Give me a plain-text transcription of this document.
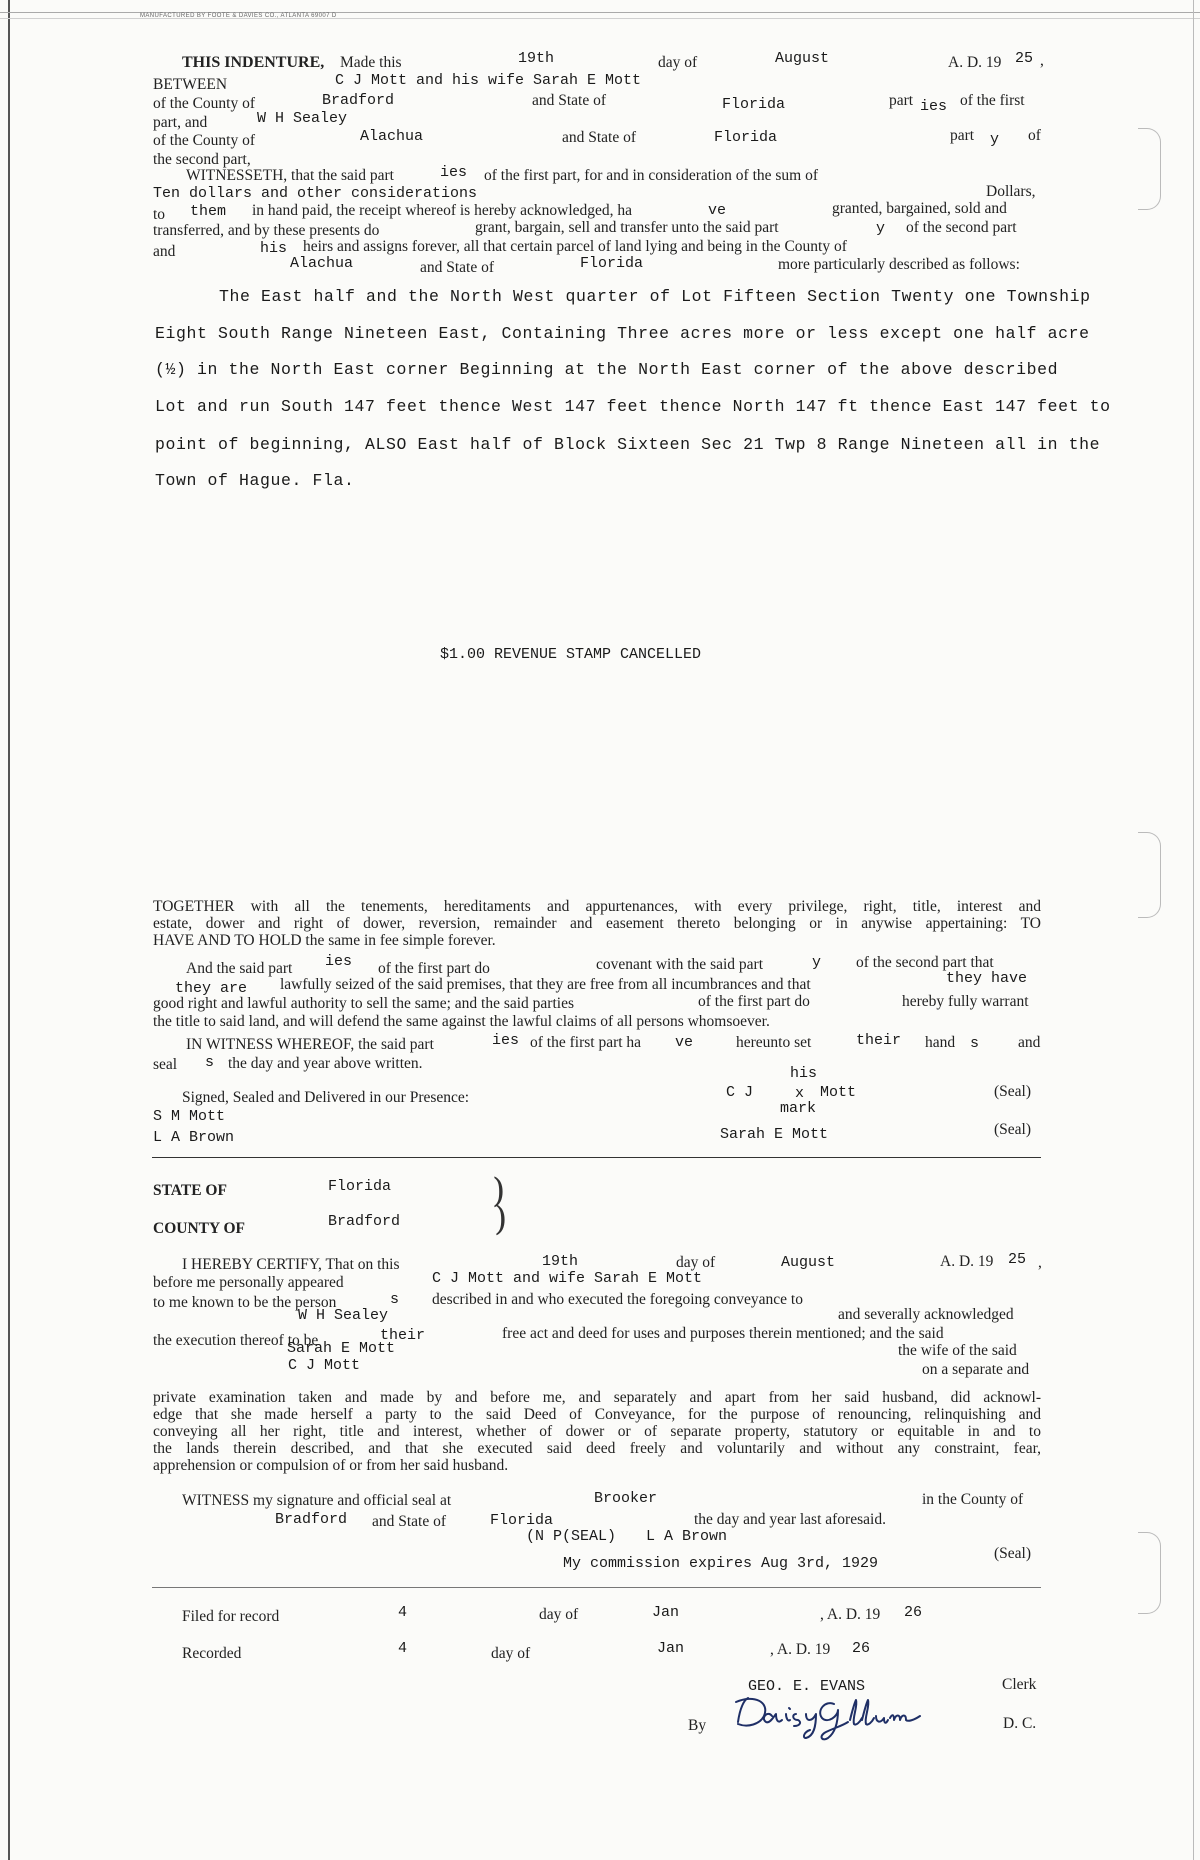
MANUFACTURED BY FOOTE & DAVIES CO., ATLANTA 69007 D
THIS INDENTURE, Made this	19th	day of	August	A. D. 19 25 ,
BETWEEN	C J Mott and his wife Sarah E Mott
of the County of	Bradford	and State of	Florida	part ies of the first
part, and	W H Sealey
of the County of	Alachua	and State of	Florida	part y of
the second part,
WITNESSETH, that the said part	ies of the first part, for and in consideration of the sum of
Ten dollars and other considerations	Dollars,
to them in hand paid, the receipt whereof is hereby acknowledged, ha	ve	granted, bargained, sold and
transferred, and by these presents do	grant, bargain, sell and transfer unto the said part	y of the second part
and	his heirs and assigns forever, all that certain parcel of land lying and being in the County of
Alachua	and State of	Florida	more particularly described as follows:
The East half and the North West quarter of Lot Fifteen Section Twenty one Township
Eight South Range Nineteen East, Containing Three acres more or less except one half acre
(½) in the North East corner Beginning at the North East corner of the above described
Lot and run South 147 feet thence West 147 feet thence North 147 ft thence East 147 feet to
point of beginning, ALSO East half of Block Sixteen Sec 21 Twp 8 Range Nineteen all in the
Town of Hague. Fla.
$1.00 REVENUE STAMP CANCELLED
TOGETHER with all the tenements, hereditaments and appurtenances, with every privilege, right, title, interest and
estate, dower and right of dower, reversion, remainder and easement thereto belonging or in anywise appertaining: TO
HAVE AND TO HOLD the same in fee simple forever.
And the said part ies of the first part do	covenant with the said part	y of the second part that
they are lawfully seized of the said premises, that they are free from all incumbrances and that	they have
good right and lawful authority to sell the same; and the said parties	of the first part do	hereby fully warrant
the title to said land, and will defend the same against the lawful claims of all persons whomsoever.
IN WITNESS WHEREOF, the said part	ies of the first part ha ve	hereunto set	their hand s	and
seal s the day and year above written.
Signed, Sealed and Delivered in our Presence:
S M Mott
L A Brown
his
C J	x Mott
mark
(Seal)
Sarah E Mott	(Seal)
STATE OF	Florida
COUNTY OF	Bradford
)
)
I HEREBY CERTIFY, That on this	19th	day of	August	A. D. 19 25 ,
before me personally appeared	C J Mott and wife Sarah E Mott
to me known to be the person	s described in and who executed the foregoing conveyance to
W H Sealey	and severally acknowledged
the execution thereof to be	their	free act and deed for uses and purposes therein mentioned; and the said
Sarah E Mott	the wife of the said
C J Mott	on a separate and
private examination taken and made by and before me, and separately and apart from her said husband, did acknowl-
edge that she made herself a party to the said Deed of Conveyance, for the purpose of renouncing, relinquishing and
conveying all her right, title and interest, whether of dower or of separate property, statutory or equitable in and to
the lands therein described, and that she executed said deed freely and voluntarily and without any constraint, fear,
apprehension or compulsion of or from her said husband.
WITNESS my signature and official seal at	Brooker	in the County of
Bradford and State of	Florida	the day and year last aforesaid.
(N P(SEAL) L A Brown
My commission expires Aug 3rd, 1929
(Seal)
Filed for record	4	day of	Jan	, A. D. 19 26
Recorded	4	day of	Jan	, A. D. 19 26
GEO. E. EVANS	Clerk
By	D. C.
